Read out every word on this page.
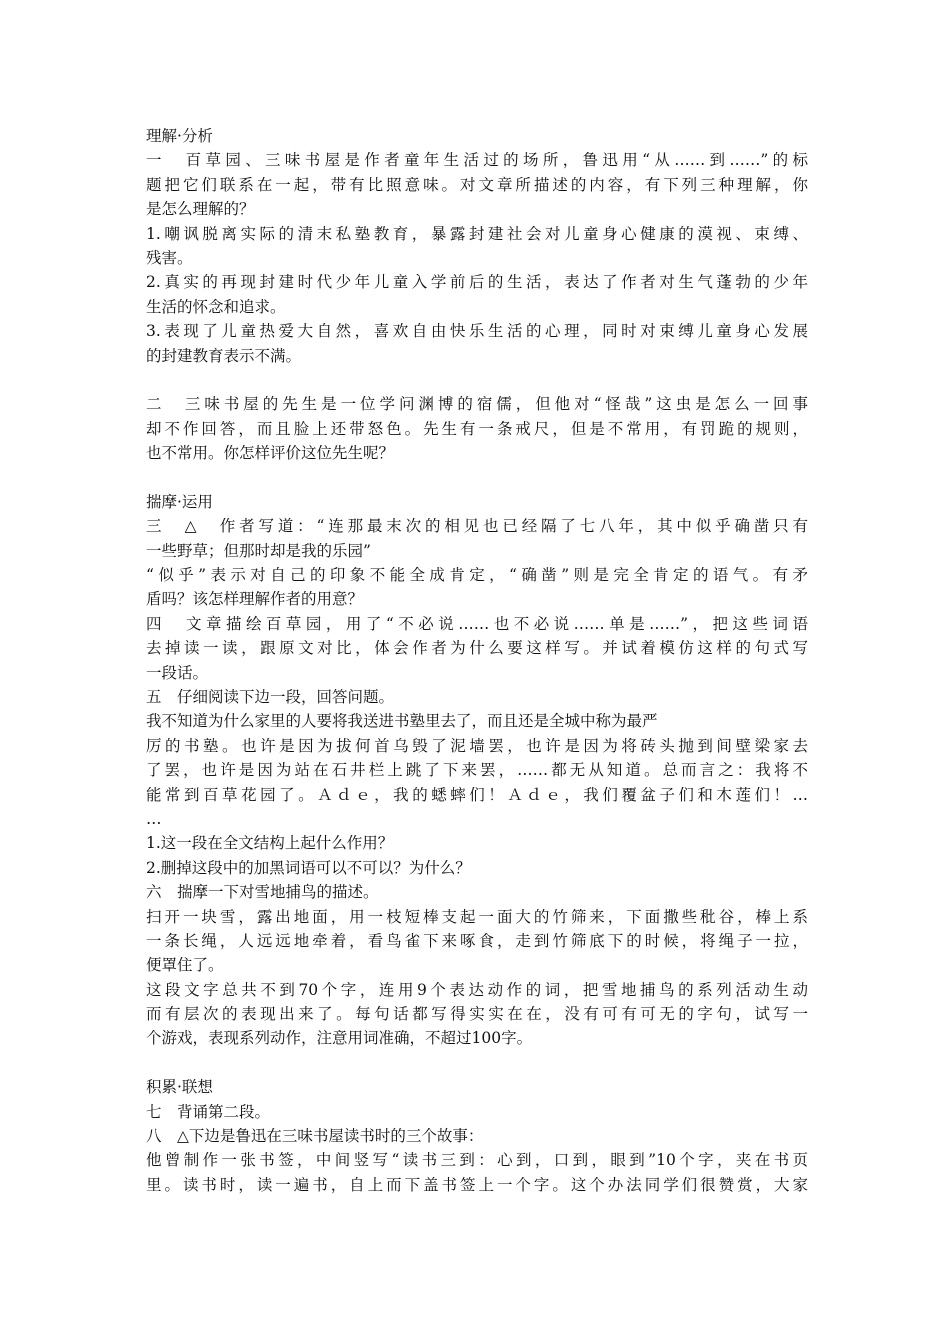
理解·分析
一　百草园、三味书屋是作者童年生活过的场所，鲁迅用“从……到……”的标
题把它们联系在一起，带有比照意味。对文章所描述的内容，有下列三种理解，你
是怎么理解的？
1.嘲讽脱离实际的清末私塾教育，暴露封建社会对儿童身心健康的漠视、束缚、
残害。
2.真实的再现封建时代少年儿童入学前后的生活，表达了作者对生气蓬勃的少年
生活的怀念和追求。
3.表现了儿童热爱大自然，喜欢自由快乐生活的心理，同时对束缚儿童身心发展
的封建教育表示不满。
二　三味书屋的先生是一位学问渊博的宿儒，但他对“怪哉”这虫是怎么一回事
却不作回答，而且脸上还带怒色。先生有一条戒尺，但是不常用，有罚跪的规则，
也不常用。你怎样评价这位先生呢？
揣摩·运用
三　△　作者写道：“连那最末次的相见也已经隔了七八年，其中似乎确凿只有
一些野草；但那时却是我的乐园”
“似乎”表示对自己的印象不能全成肯定，“确凿”则是完全肯定的语气。有矛
盾吗？该怎样理解作者的用意？
四　文章描绘百草园，用了“不必说……也不必说……单是……”，把这些词语
去掉读一读，跟原文对比，体会作者为什么要这样写。并试着模仿这样的句式写
一段话。
五　仔细阅读下边一段，回答问题。
我不知道为什么家里的人要将我送进书塾里去了，而且还是全城中称为最严
厉的书塾。也许是因为拔何首乌毁了泥墙罢，也许是因为将砖头抛到间壁梁家去
了罢，也许是因为站在石井栏上跳了下来罢，……都无从知道。总而言之：我将不
能常到百草花园了。Ａｄｅ，我的蟋蟀们！Ａｄｅ，我们覆盆子们和木莲们！…
…
1.这一段在全文结构上起什么作用？
2.删掉这段中的加黑词语可以不可以？为什么？
六　揣摩一下对雪地捕鸟的描述。
扫开一块雪，露出地面，用一枝短棒支起一面大的竹筛来，下面撒些秕谷，棒上系
一条长绳，人远远地牵着，看鸟雀下来啄食，走到竹筛底下的时候，将绳子一拉，
便罩住了。
这段文字总共不到70个字，连用9个表达动作的词，把雪地捕鸟的系列活动生动
而有层次的表现出来了。每句话都写得实实在在，没有可有可无的字句，试写一
个游戏，表现系列动作，注意用词准确，不超过100字。
积累·联想
七　背诵第二段。
八　△下边是鲁迅在三味书屋读书时的三个故事：
他曾制作一张书签，中间竖写“读书三到：心到，口到，眼到”10个字，夹在书页
里。读书时，读一遍书，自上而下盖书签上一个字。这个办法同学们很赞赏，大家
